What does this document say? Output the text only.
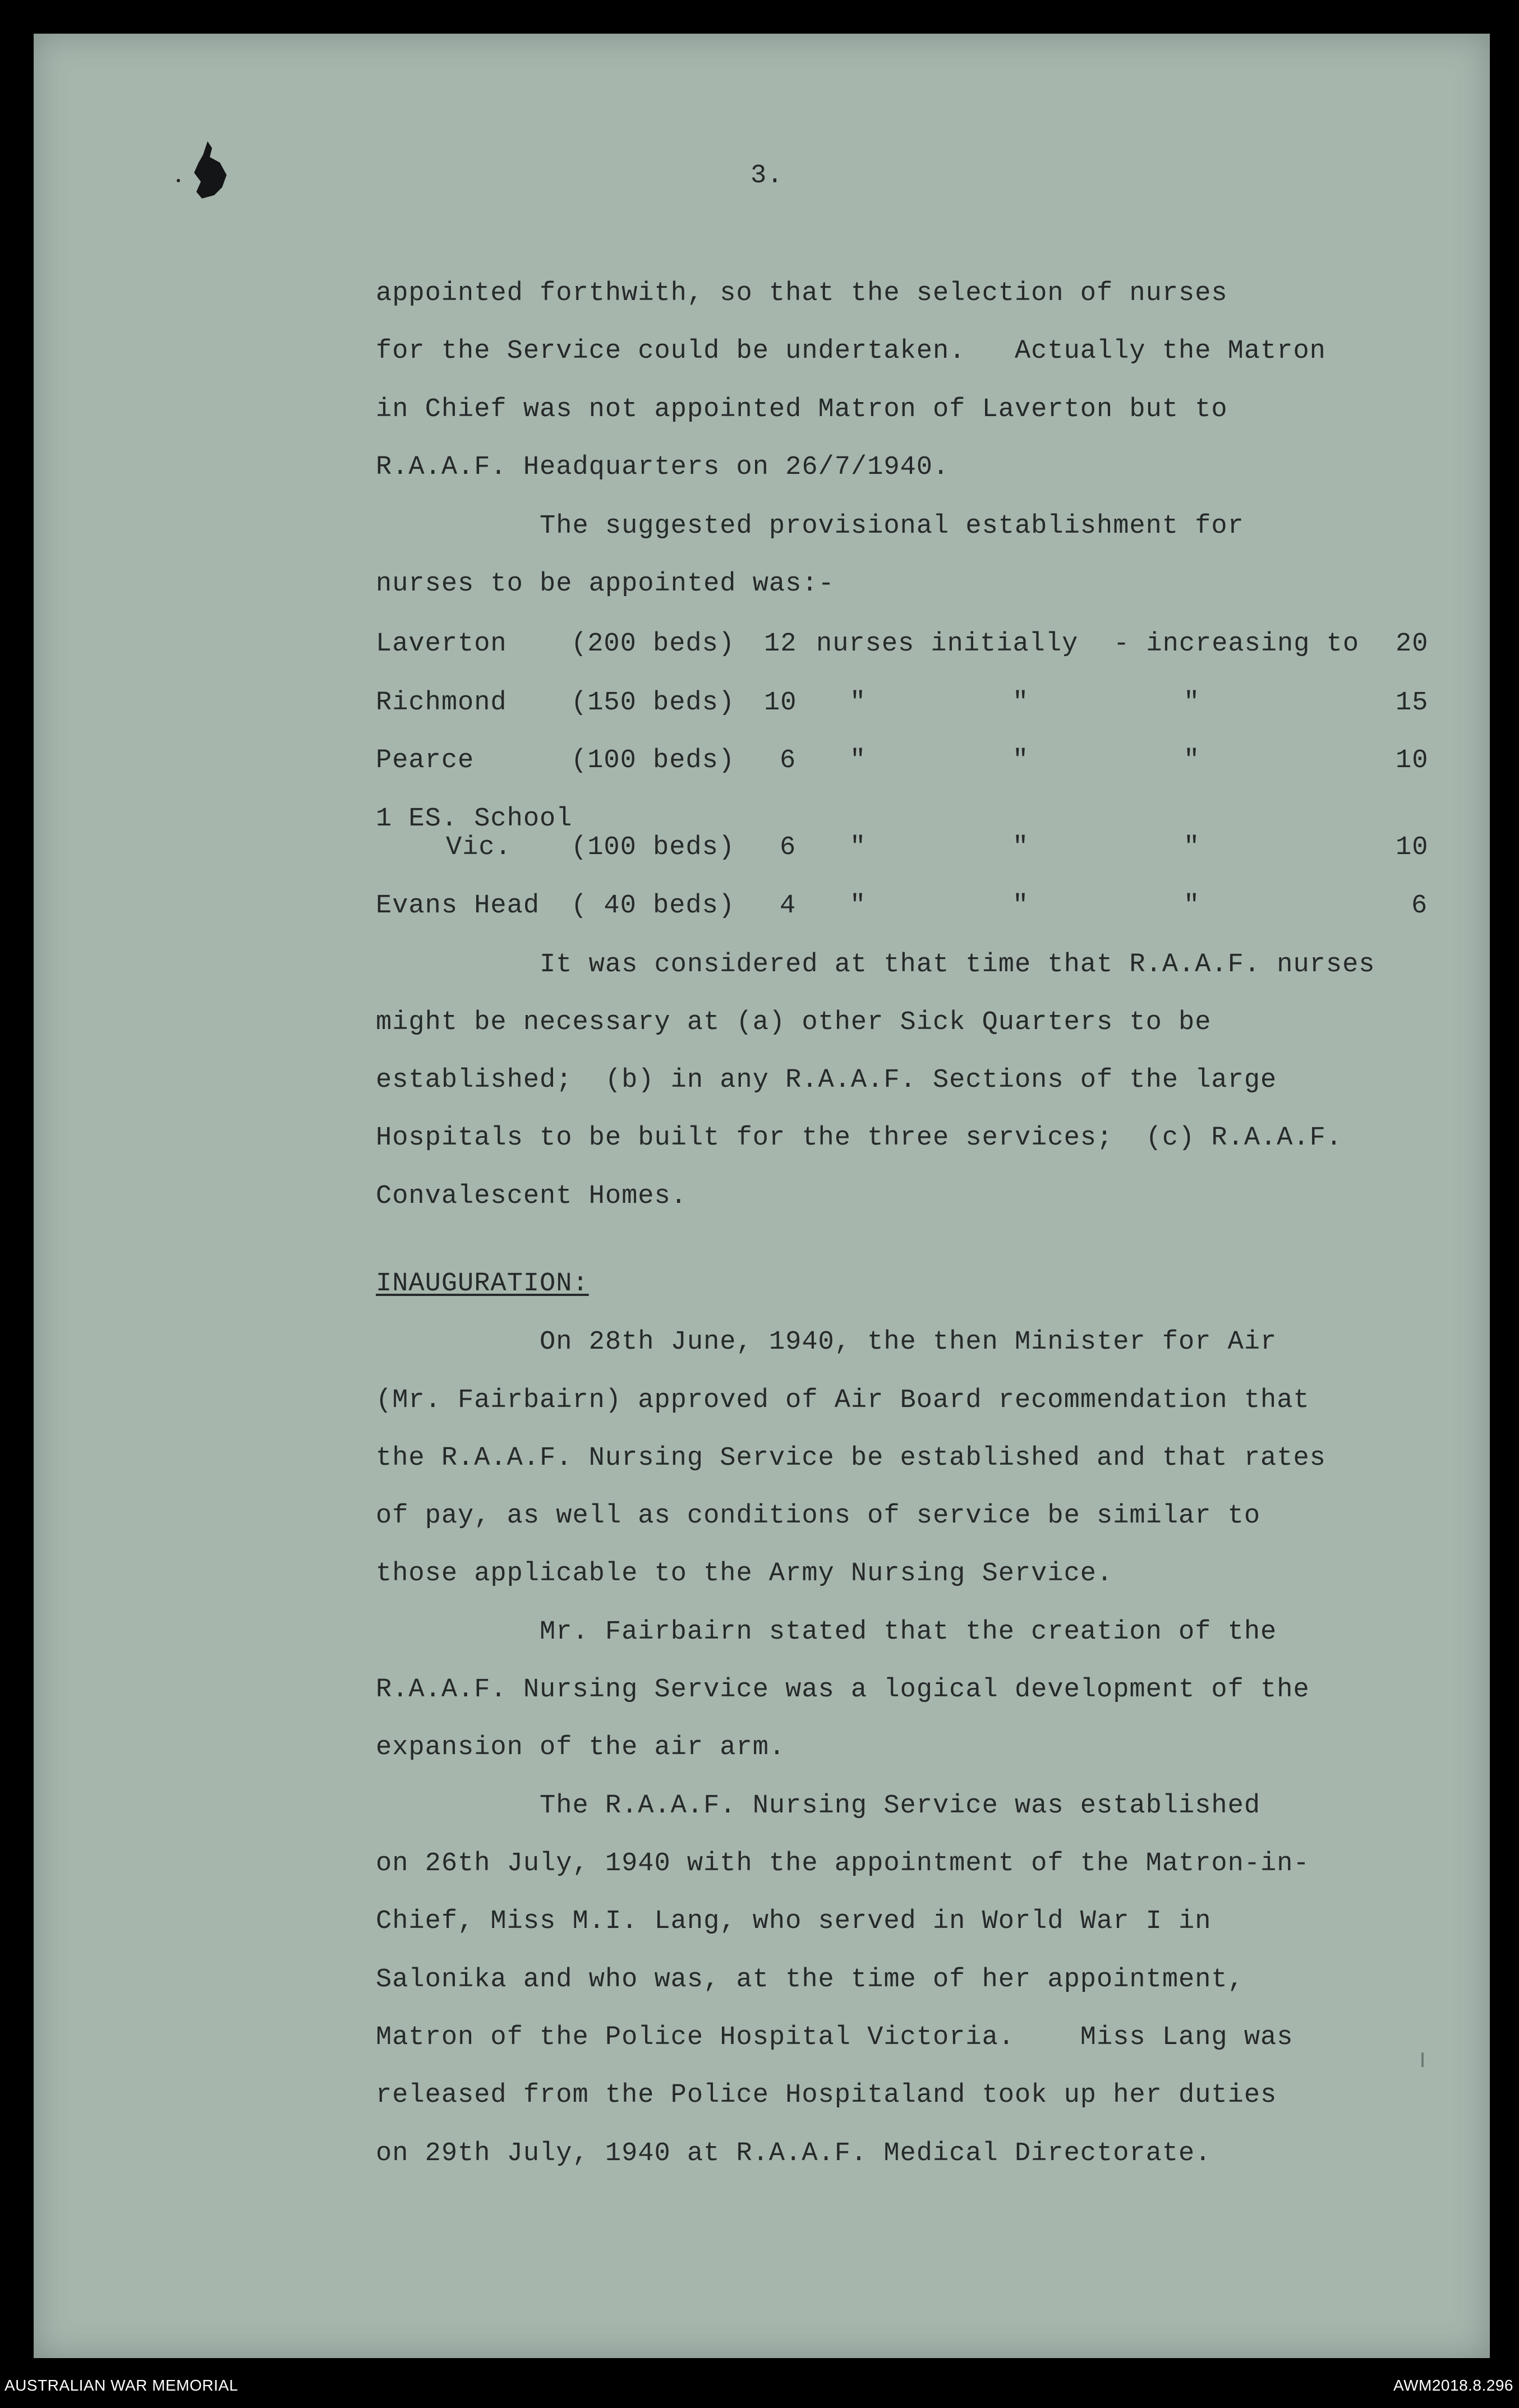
3.
appointed forthwith, so that the selection of nurses
for the Service could be undertaken.   Actually the Matron
in Chief was not appointed Matron of Laverton but to
R.A.A.F. Headquarters on 26/7/1940.
The suggested provisional establishment for
nurses to be appointed was:-
Laverton (200 beds) 12 nurses initially - increasing to 20
Richmond (150 beds) 10 "	"	"	15
Pearce	(100 beds) 6 "	"	"	10
1 ES. School
Vic. (100 beds) 6 "	"	"	10
Evans Head ( 40 beds) 4 "	"	"	6
It was considered at that time that R.A.A.F. nurses
might be necessary at (a) other Sick Quarters to be
established;  (b) in any R.A.A.F. Sections of the large
Hospitals to be built for the three services;  (c) R.A.A.F.
Convalescent Homes.
INAUGURATION:
On 28th June, 1940, the then Minister for Air
(Mr. Fairbairn) approved of Air Board recommendation that
the R.A.A.F. Nursing Service be established and that rates
of pay, as well as conditions of service be similar to
those applicable to the Army Nursing Service.
Mr. Fairbairn stated that the creation of the
R.A.A.F. Nursing Service was a logical development of the
expansion of the air arm.
The R.A.A.F. Nursing Service was established
on 26th July, 1940 with the appointment of the Matron-in-
Chief, Miss M.I. Lang, who served in World War I in
Salonika and who was, at the time of her appointment,
Matron of the Police Hospital Victoria.    Miss Lang was
released from the Police Hospitaland took up her duties
on 29th July, 1940 at R.A.A.F. Medical Directorate.
AUSTRALIAN WAR MEMORIAL	AWM2018.8.296
